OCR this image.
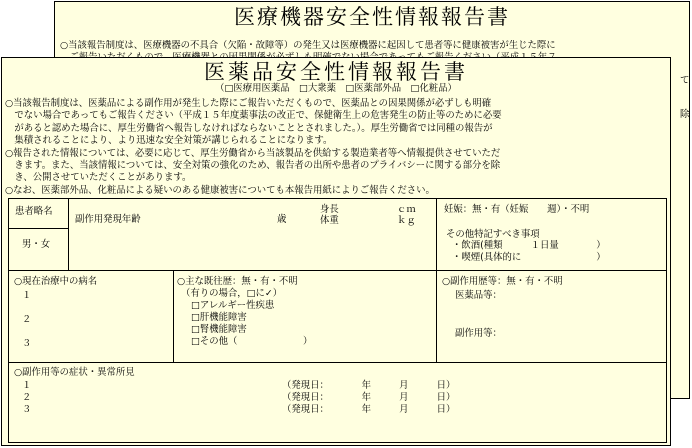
医療機器安全性情報報告書
○当該報告制度は、医療機器の不具合（欠陥・故障等）の発生又は医療機器に起因して患者等に健康被害が生じた際に

て
除
医薬品安全性情報報告書
（□医療用医薬品　□大衆薬　□医薬部外品　□化粧品）
○当該報告制度は、医薬品による副作用が発生した際にご報告いただくもので、医薬品との因果関係が必ずしも明確
　でない場合であってもご報告ください（平成１５年度薬事法の改正で、保健衛生上の危害発生の防止等のために必要
　があると認めた場合に、厚生労働省へ報告しなければならないこととされました。）。厚生労働省では同種の報告が
　集積されることにより、より迅速な安全対策が講じられることになります。
○報告された情報については、必要に応じて、厚生労働省から当該製品を供給する製造業者等へ情報提供させていただ
　きます。また、当該情報については、安全対策の強化のため、報告者の出所や患者のプライバシーに関する部分を除
　き、公開させていただくことがあります。
○なお、医薬部外品、化粧品による疑いのある健康被害についても本報告用紙によりご報告ください。
患者略名
男・女
副作用発現年齢	歳
身長	ｃｍ
体重	ｋｇ
妊娠：無・有（妊娠　　週）・不明
その他特記すべき事項
・飲酒(種類　　　１日量　　　　）
・喫煙(具体的に　　　　　　　　）
○現在治療中の病名
１
２
３
○主な既往歴：無・有・不明
（有りの場合，□に✓）
□アレルギー性疾患
□肝機能障害
□腎機能障害
□その他（　　　　　　　）
○副作用歴等：無・有・不明
医薬品等：
副作用等：
○副作用等の症状・異常所見
１	（発現日：　　　　年　　　月　　　日）
２	（発現日：　　　　年　　　月　　　日）
３	（発現日：　　　　年　　　月　　　日）
